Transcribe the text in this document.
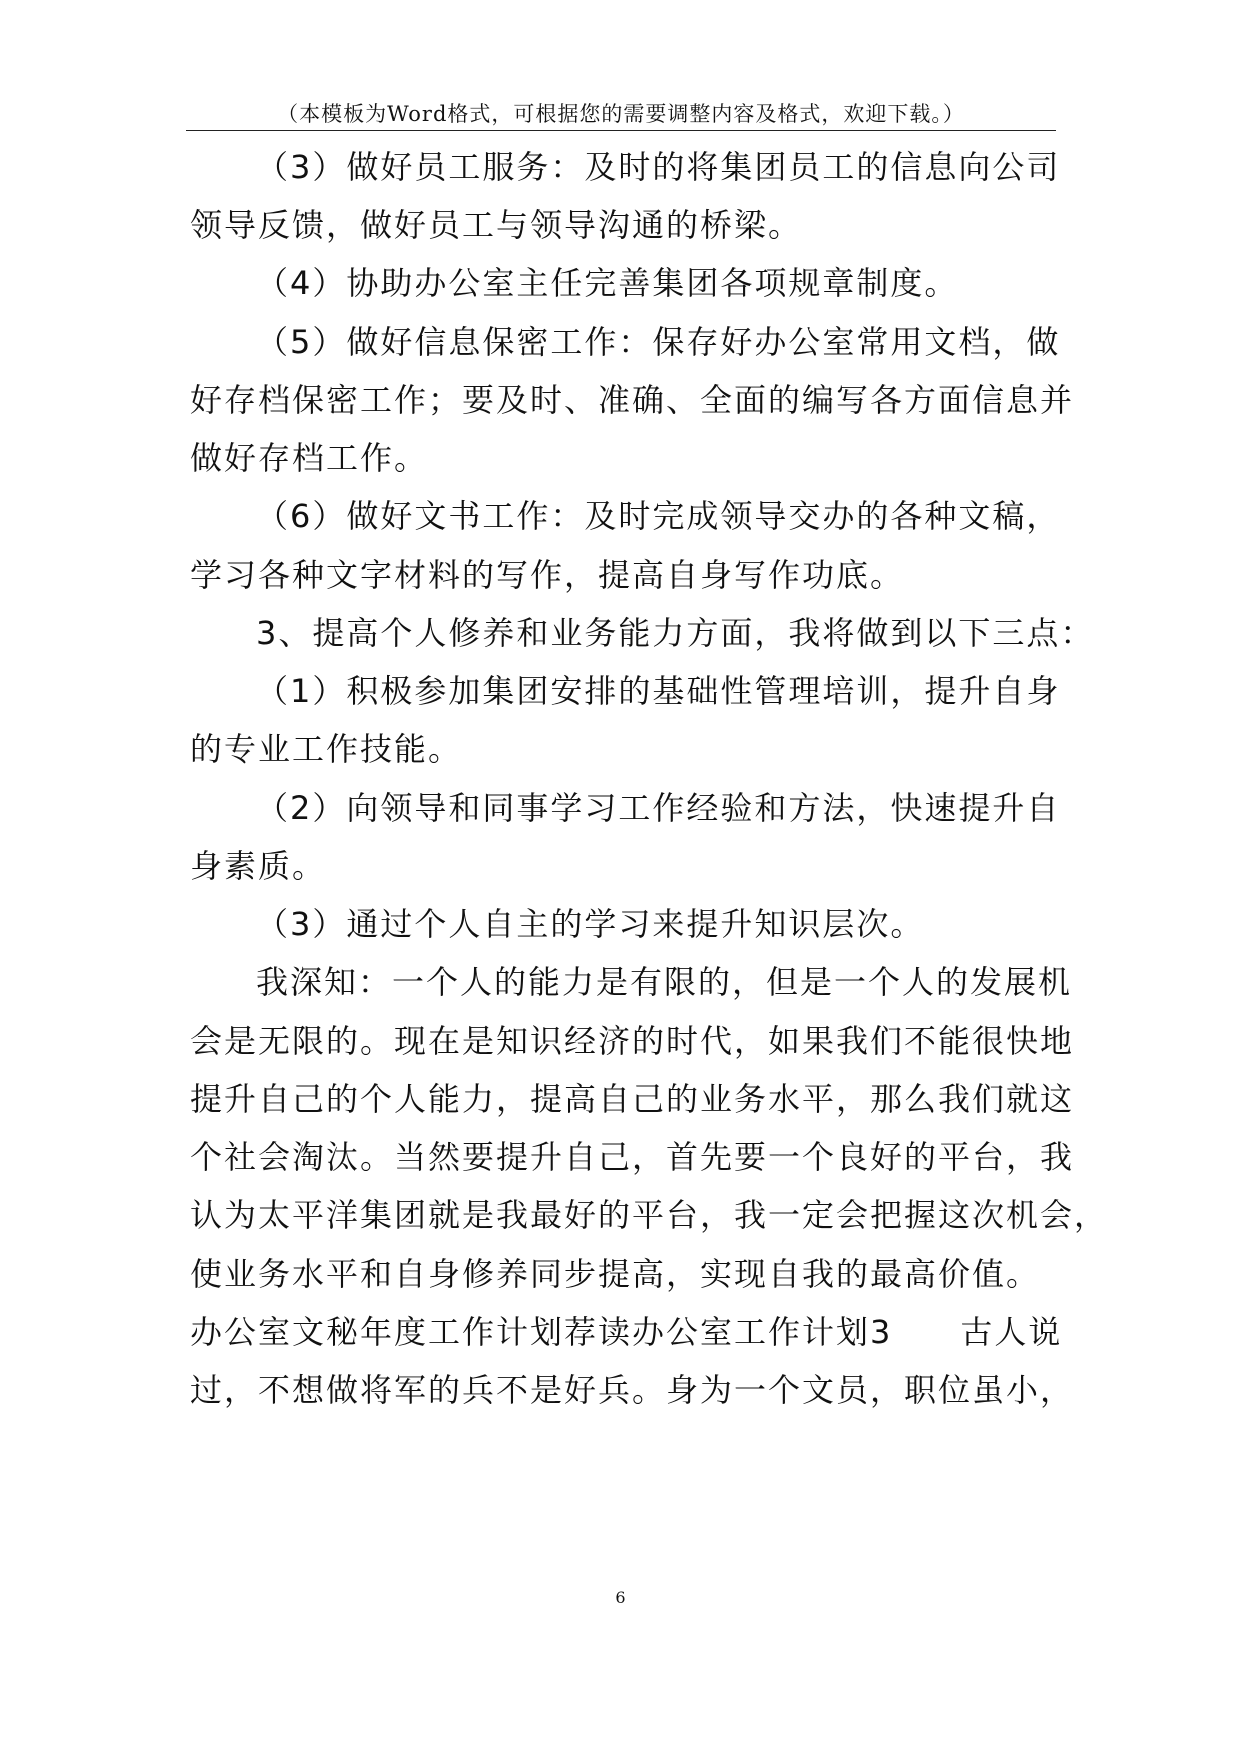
（本模板为Word格式，可根据您的需要调整内容及格式，欢迎下载。）
（3）做好员工服务：及时的将集团员工的信息向公司
领导反馈，做好员工与领导沟通的桥梁。
（4）协助办公室主任完善集团各项规章制度。
（5）做好信息保密工作：保存好办公室常用文档，做
好存档保密工作；要及时、准确、全面的编写各方面信息并
做好存档工作。
（6）做好文书工作：及时完成领导交办的各种文稿，
学习各种文字材料的写作，提高自身写作功底。
3、提高个人修养和业务能力方面，我将做到以下三点：
（1）积极参加集团安排的基础性管理培训，提升自身
的专业工作技能。
（2）向领导和同事学习工作经验和方法，快速提升自
身素质。
（3）通过个人自主的学习来提升知识层次。
我深知：一个人的能力是有限的，但是一个人的发展机
会是无限的。现在是知识经济的时代，如果我们不能很快地
提升自己的个人能力，提高自己的业务水平，那么我们就这
个社会淘汰。当然要提升自己，首先要一个良好的平台，我
认为太平洋集团就是我最好的平台，我一定会把握这次机会，
使业务水平和自身修养同步提高，实现自我的最高价值。
办公室文秘年度工作计划荐读办公室工作计划3　　古人说
过，不想做将军的兵不是好兵。身为一个文员，职位虽小，
6
